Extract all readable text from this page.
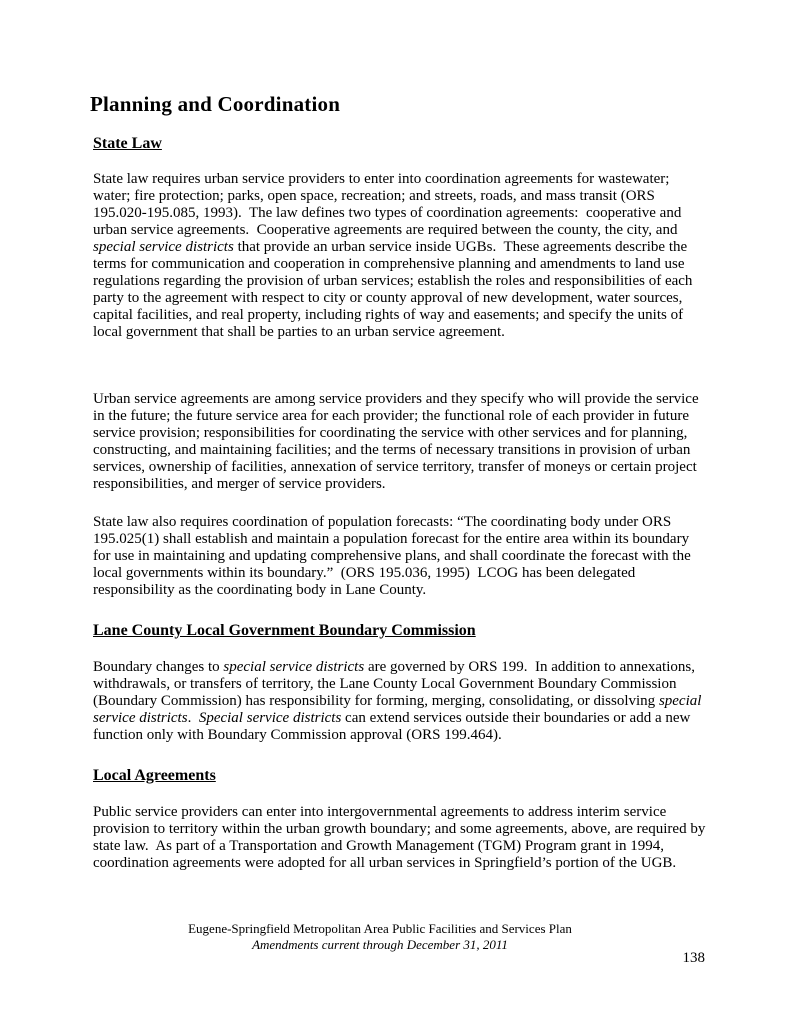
Planning and Coordination
State Law

State law requires urban service providers to enter into coordination agreements for wastewater; water; fire protection; parks, open space, recreation; and streets, roads, and mass transit (ORS 195.020-195.085, 1993).  The law defines two types of coordination agreements:  cooperative and urban service agreements.  Cooperative agreements are required between the county, the city, and special service districts that provide an urban service inside UGBs.  These agreements describe the terms for communication and cooperation in comprehensive planning and amendments to land use regulations regarding the provision of urban services; establish the roles and responsibilities of each party to the agreement with respect to city or county approval of new development, water sources, capital facilities, and real property, including rights of way and easements; and specify the units of local government that shall be parties to an urban service agreement.

Urban service agreements are among service providers and they specify who will provide the service in the future; the future service area for each provider; the functional role of each provider in future service provision; responsibilities for coordinating the service with other services and for planning, constructing, and maintaining facilities; and the terms of necessary transitions in provision of urban services, ownership of facilities, annexation of service territory, transfer of moneys or certain project responsibilities, and merger of service providers.

State law also requires coordination of population forecasts: “The coordinating body under ORS 195.025(1) shall establish and maintain a population forecast for the entire area within its boundary for use in maintaining and updating comprehensive plans, and shall coordinate the forecast with the local governments within its boundary.”  (ORS 195.036, 1995)  LCOG has been delegated responsibility as the coordinating body in Lane County.

Lane County Local Government Boundary Commission

Boundary changes to special service districts are governed by ORS 199.  In addition to annexations, withdrawals, or transfers of territory, the Lane County Local Government Boundary Commission (Boundary Commission) has responsibility for forming, merging, consolidating, or dissolving special service districts.  Special service districts can extend services outside their boundaries or add a new function only with Boundary Commission approval (ORS 199.464).

Local Agreements

Public service providers can enter into intergovernmental agreements to address interim service provision to territory within the urban growth boundary; and some agreements, above, are required by state law.  As part of a Transportation and Growth Management (TGM) Program grant in 1994, coordination agreements were adopted for all urban services in Springfield’s portion of the UGB.

Eugene-Springfield Metropolitan Area Public Facilities and Services Plan
Amendments current through December 31, 2011
138
